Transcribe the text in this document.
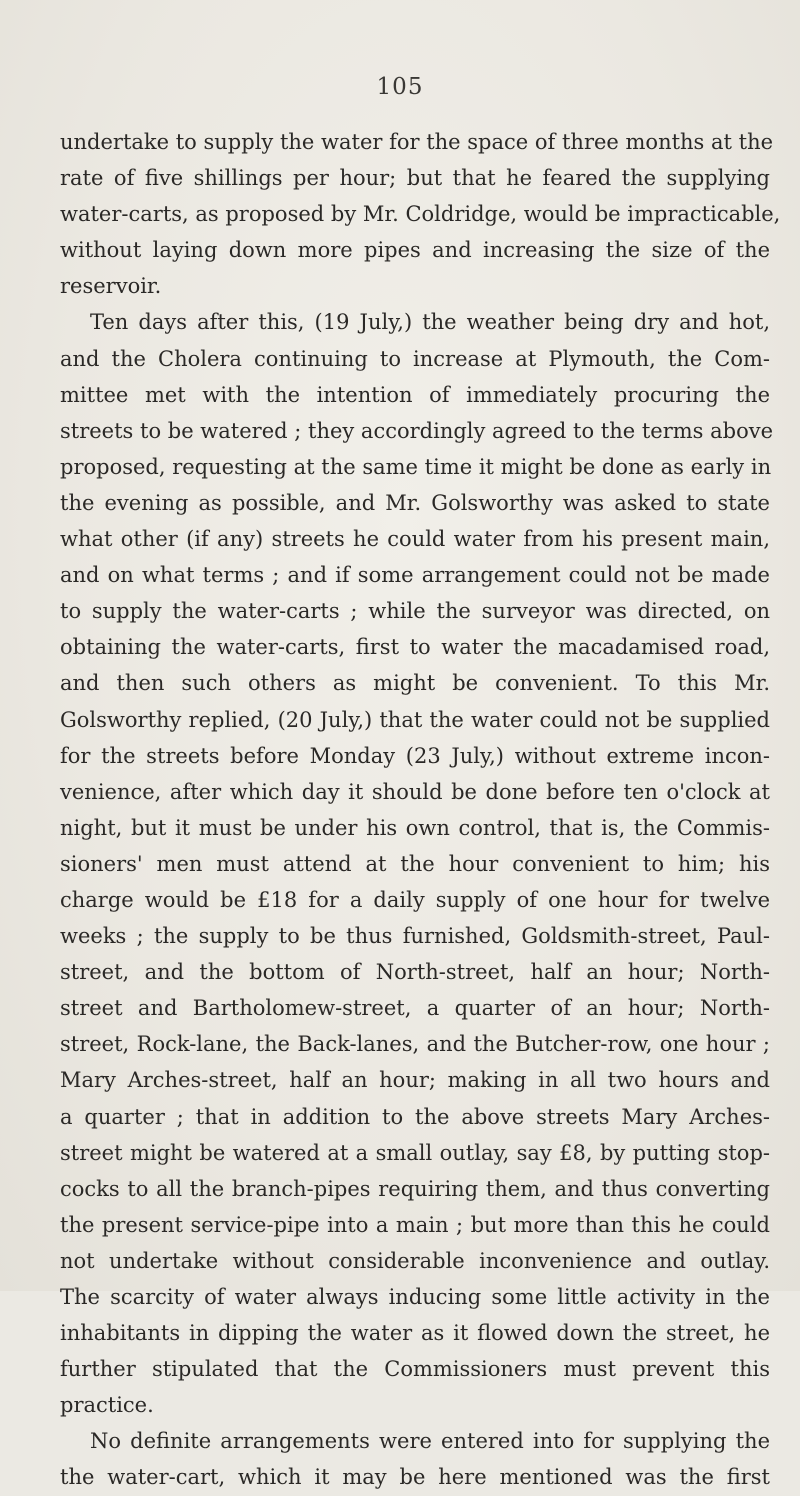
105
undertake to supply the water for the space of three months at the
rate of five shillings per hour; but that he feared the supplying
water-carts, as proposed by Mr. Coldridge, would be impracticable,
without laying down more pipes and increasing the size of the
reservoir.
Ten days after this, (19 July,) the weather being dry and hot,
and the Cholera continuing to increase at Plymouth, the Com-
mittee met with the intention of immediately procuring the
streets to be watered ; they accordingly agreed to the terms above
proposed, requesting at the same time it might be done as early in
the evening as possible, and Mr. Golsworthy was asked to state
what other (if any) streets he could water from his present main,
and on what terms ; and if some arrangement could not be made
to supply the water-carts ; while the surveyor was directed, on
obtaining the water-carts, first to water the macadamised road,
and then such others as might be convenient. To this Mr.
Golsworthy replied, (20 July,) that the water could not be supplied
for the streets before Monday (23 July,) without extreme incon-
venience, after which day it should be done before ten o'clock at
night, but it must be under his own control, that is, the Commis-
sioners' men must attend at the hour convenient to him; his
charge would be £18 for a daily supply of one hour for twelve
weeks ; the supply to be thus furnished, Goldsmith-street, Paul-
street, and the bottom of North-street, half an hour; North-
street and Bartholomew-street, a quarter of an hour; North-
street, Rock-lane, the Back-lanes, and the Butcher-row, one hour ;
Mary Arches-street, half an hour; making in all two hours and
a quarter ; that in addition to the above streets Mary Arches-
street might be watered at a small outlay, say £8, by putting stop-
cocks to all the branch-pipes requiring them, and thus converting
the present service-pipe into a main ; but more than this he could
not undertake without considerable inconvenience and outlay.
The scarcity of water always inducing some little activity in the
inhabitants in dipping the water as it flowed down the street, he
further stipulated that the Commissioners must prevent this
practice.
No definite arrangements were entered into for supplying the
the water-cart, which it may be here mentioned was the first
